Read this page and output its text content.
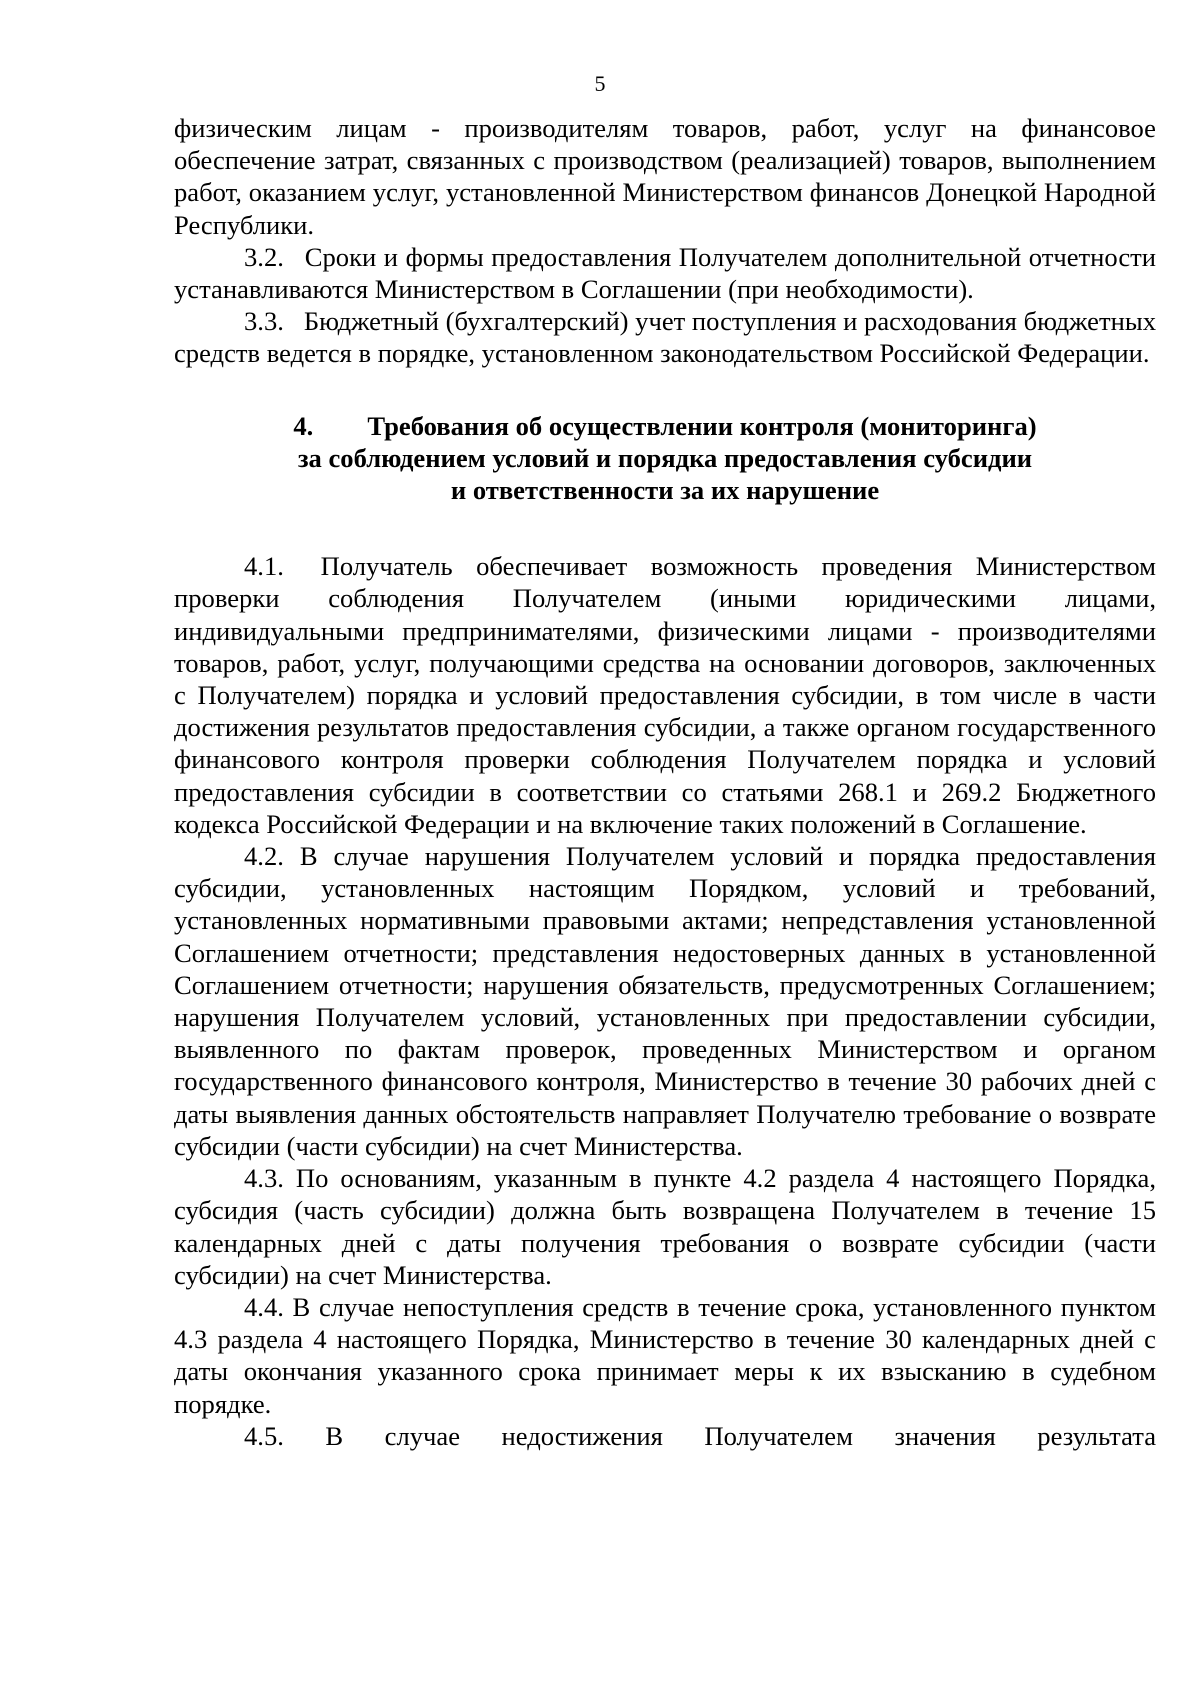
5

физическим лицам - производителям товаров, работ, услуг на финансовое обеспечение затрат, связанных с производством (реализацией) товаров, выполнением работ, оказанием услуг, установленной Министерством финансов Донецкой Народной Республики.

3.2.  Сроки и формы предоставления Получателем дополнительной отчетности устанавливаются Министерством в Соглашении (при необходимости).

3.3.  Бюджетный (бухгалтерский) учет поступления и расходования бюджетных средств ведется в порядке, установленном законодательством Российской Федерации.

4. Требования об осуществлении контроля (мониторинга)
за соблюдением условий и порядка предоставления субсидии
и ответственности за их нарушение

4.1.  Получатель обеспечивает возможность проведения Министерством проверки соблюдения Получателем (иными юридическими лицами, индивидуальными предпринимателями, физическими лицами - производителями товаров, работ, услуг, получающими средства на основании договоров, заключенных с Получателем) порядка и условий предоставления субсидии, в том числе в части достижения результатов предоставления субсидии, а также органом государственного финансового контроля проверки соблюдения Получателем порядка и условий предоставления субсидии в соответствии со статьями 268.1 и 269.2 Бюджетного кодекса Российской Федерации и на включение таких положений в Соглашение.

4.2. В случае нарушения Получателем условий и порядка предоставления субсидии, установленных настоящим Порядком, условий и требований, установленных нормативными правовыми актами; непредставления установленной Соглашением отчетности; представления недостоверных данных в установленной Соглашением отчетности; нарушения обязательств, предусмотренных Соглашением; нарушения Получателем условий, установленных при предоставлении субсидии, выявленного по фактам проверок, проведенных Министерством и органом государственного финансового контроля, Министерство в течение 30 рабочих дней с даты выявления данных обстоятельств направляет Получателю требование о возврате субсидии (части субсидии) на счет Министерства.

4.3. По основаниям, указанным в пункте 4.2 раздела 4 настоящего Порядка, субсидия (часть субсидии) должна быть возвращена Получателем в течение 15 календарных дней с даты получения требования о возврате субсидии (части субсидии) на счет Министерства.

4.4. В случае непоступления средств в течение срока, установленного пунктом 4.3 раздела 4 настоящего Порядка, Министерство в течение 30 календарных дней с даты окончания указанного срока принимает меры к их взысканию в судебном порядке.

4.5. В случае недостижения Получателем значения результата
